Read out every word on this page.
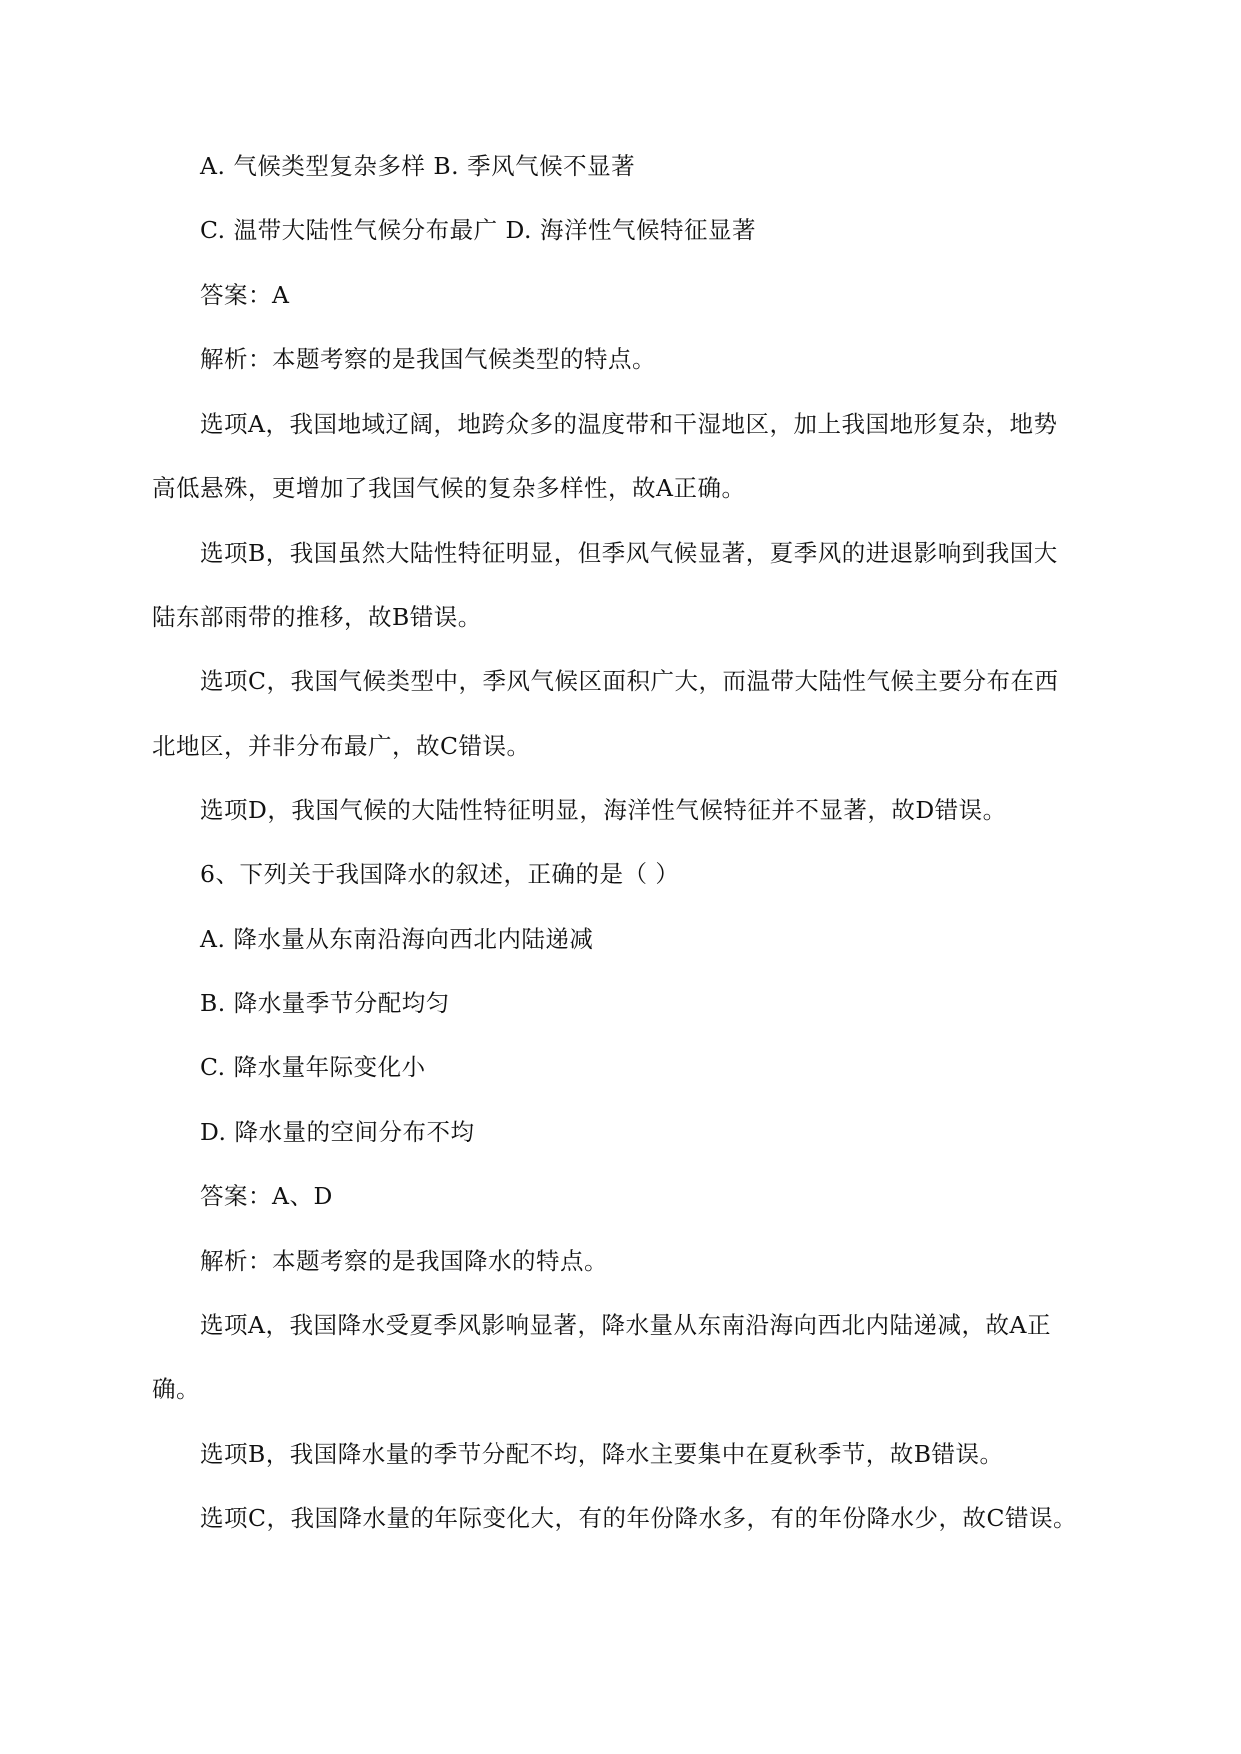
A. 气候类型复杂多样 B. 季风气候不显著

C. 温带大陆性气候分布最广 D. 海洋性气候特征显著

答案：A

解析：本题考察的是我国气候类型的特点。

选项A，我国地域辽阔，地跨众多的温度带和干湿地区，加上我国地形复杂，地势

高低悬殊，更增加了我国气候的复杂多样性，故A正确。

选项B，我国虽然大陆性特征明显，但季风气候显著，夏季风的进退影响到我国大

陆东部雨带的推移，故B错误。

选项C，我国气候类型中，季风气候区面积广大，而温带大陆性气候主要分布在西

北地区，并非分布最广，故C错误。

选项D，我国气候的大陆性特征明显，海洋性气候特征并不显著，故D错误。

6、下列关于我国降水的叙述，正确的是（ ）

A. 降水量从东南沿海向西北内陆递减

B. 降水量季节分配均匀

C. 降水量年际变化小

D. 降水量的空间分布不均

答案：A、D

解析：本题考察的是我国降水的特点。

选项A，我国降水受夏季风影响显著，降水量从东南沿海向西北内陆递减，故A正

确。

选项B，我国降水量的季节分配不均，降水主要集中在夏秋季节，故B错误。

选项C，我国降水量的年际变化大，有的年份降水多，有的年份降水少，故C错误。
